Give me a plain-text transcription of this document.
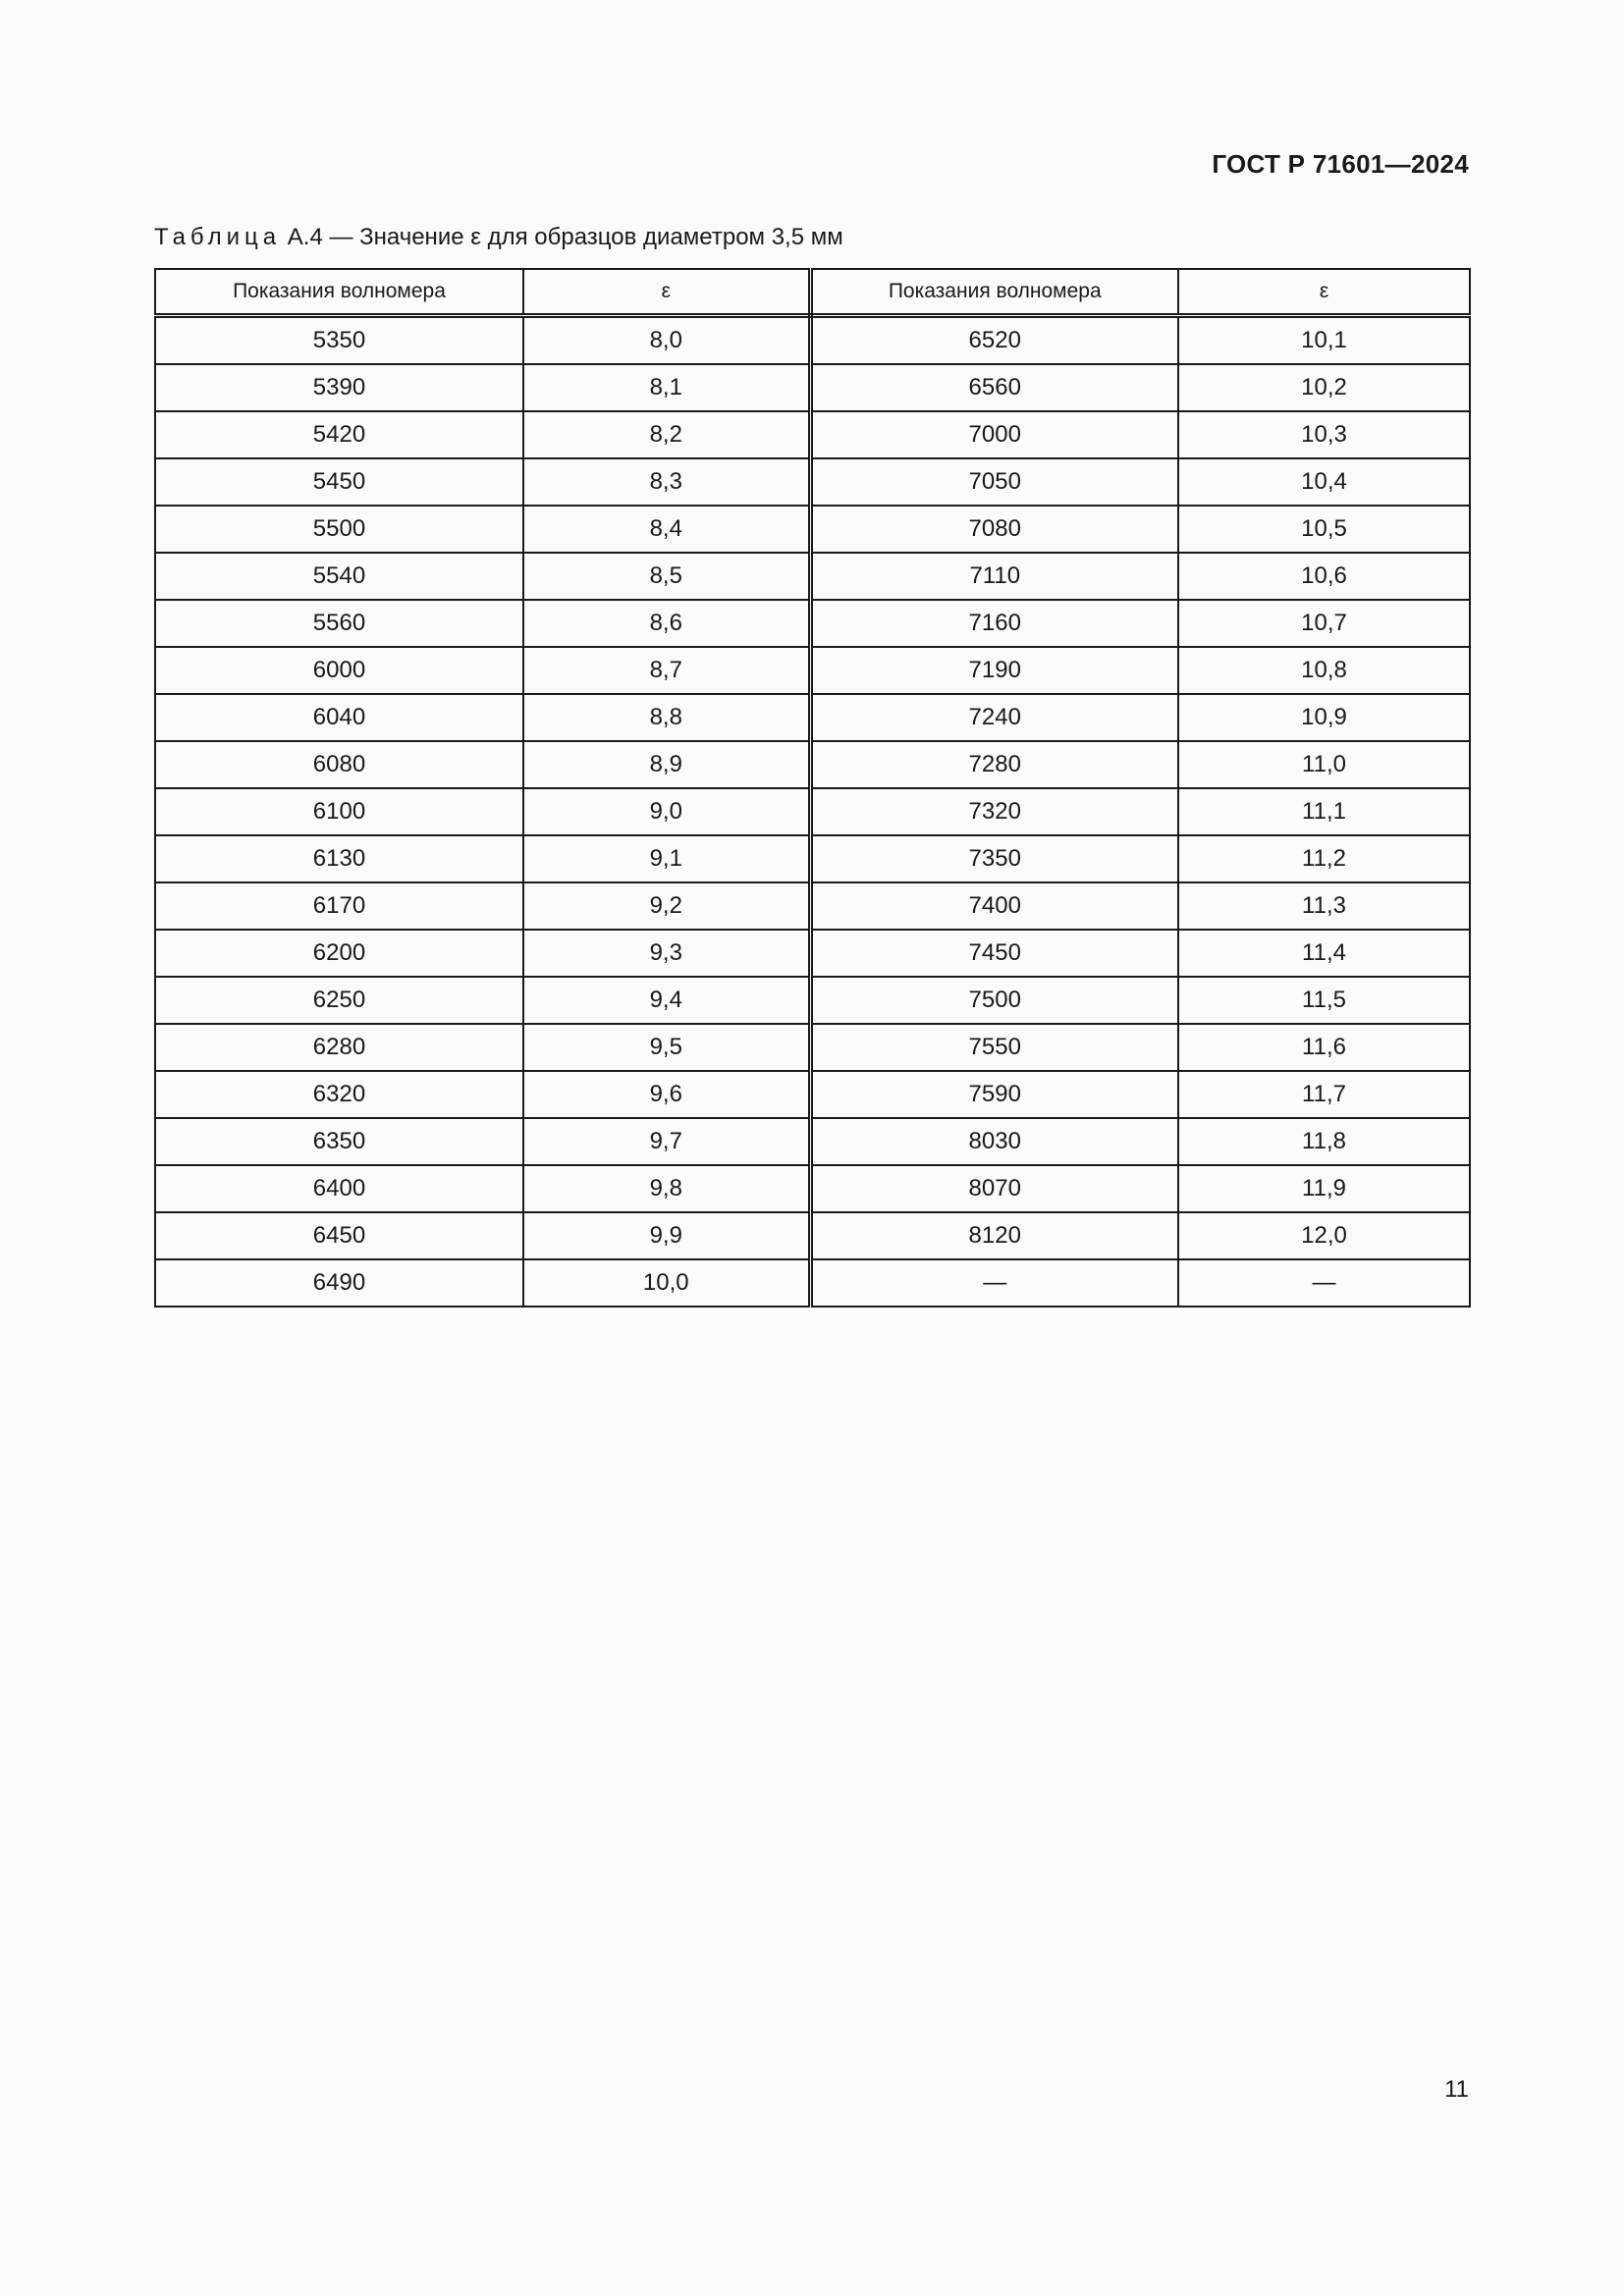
ГОСТ Р 71601—2024
Таблица А.4 — Значение ε для образцов диаметром 3,5 мм
Показания волномера	ε	Показания волномера	ε
5350	8,0	6520	10,1
5390	8,1	6560	10,2
5420	8,2	7000	10,3
5450	8,3	7050	10,4
5500	8,4	7080	10,5
5540	8,5	7110	10,6
5560	8,6	7160	10,7
6000	8,7	7190	10,8
6040	8,8	7240	10,9
6080	8,9	7280	11,0
6100	9,0	7320	11,1
6130	9,1	7350	11,2
6170	9,2	7400	11,3
6200	9,3	7450	11,4
6250	9,4	7500	11,5
6280	9,5	7550	11,6
6320	9,6	7590	11,7
6350	9,7	8030	11,8
6400	9,8	8070	11,9
6450	9,9	8120	12,0
6490	10,0	—	—
11
